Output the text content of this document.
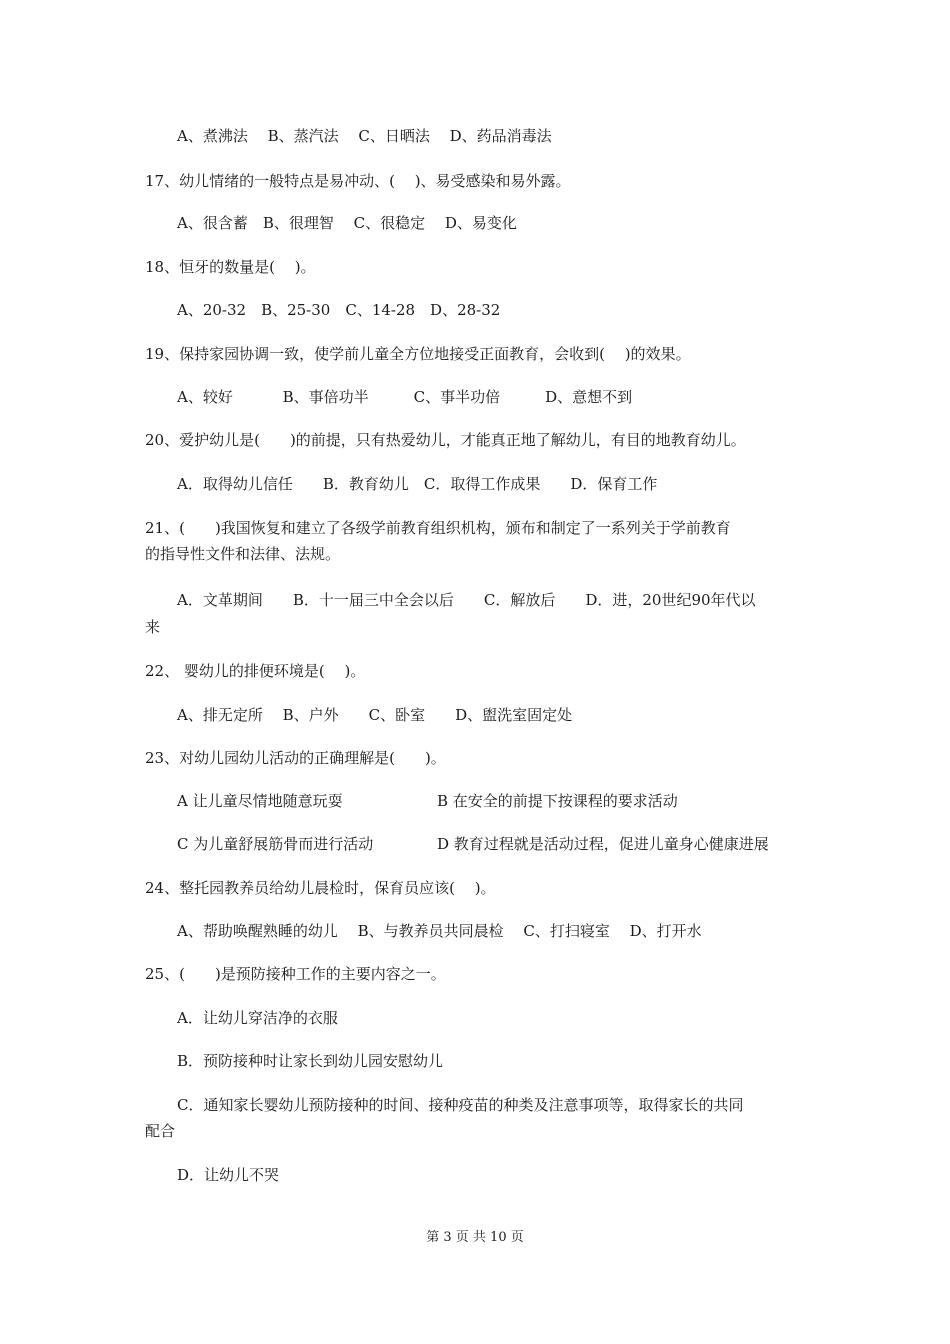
A、煮沸法　 B、蒸汽法　 C、日晒法　 D、药品消毒法
17、幼儿情绪的一般特点是易冲动、(　 )、易受感染和易外露。
A、很含蓄　B、很理智　 C、很稳定　 D、易变化
18、恒牙的数量是(　 )。
A、20-32　B、25-30　C、14-28　D、28-32
19、保持家园协调一致，使学前儿童全方位地接受正面教育，会收到(　 )的效果。
A、较好　　　 B、事倍功半　　　C、事半功倍　　　D、意想不到
20、爱护幼儿是(　　)的前提，只有热爱幼儿，才能真正地了解幼儿，有目的地教育幼儿。
A．取得幼儿信任　　B．教育幼儿　C．取得工作成果　　D．保育工作
21、(　　)我国恢复和建立了各级学前教育组织机构，颁布和制定了一系列关于学前教育
的指导性文件和法律、法规。
A．文革期间　　B．十一届三中全会以后　　C．解放后　　D．进，20世纪90年代以
来
22、 婴幼儿的排便环境是(　 )。
A、排无定所　 B、户外　　C、卧室　　D、盥洗室固定处
23、对幼儿园幼儿活动的正确理解是(　　)。
A 让儿童尽情地随意玩耍	B 在安全的前提下按课程的要求活动
C 为儿童舒展筋骨而进行活动	D 教育过程就是活动过程，促进儿童身心健康进展
24、整托园教养员给幼儿晨检时，保育员应该(　 )。
A、帮助唤醒熟睡的幼儿　 B、与教养员共同晨检　 C、打扫寝室　 D、打开水
25、(　　)是预防接种工作的主要内容之一。
A．让幼儿穿洁净的衣服
B．预防接种时让家长到幼儿园安慰幼儿
C．通知家长婴幼儿预防接种的时间、接种疫苗的种类及注意事项等，取得家长的共同
配合
D．让幼儿不哭
第 3 页 共 10 页
